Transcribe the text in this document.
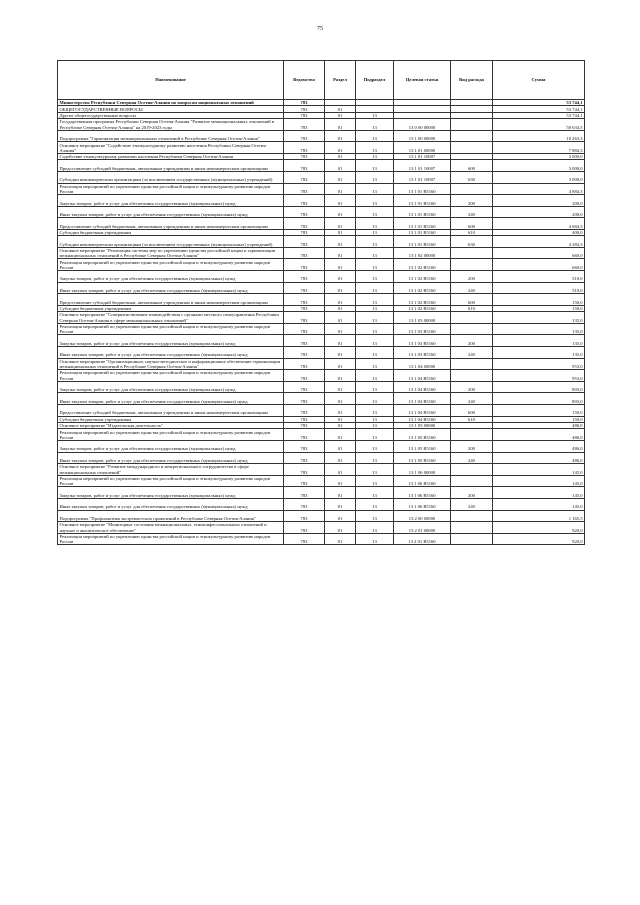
75
Наименование	Ведомство	Раздел	Подраздел	Целевая статья	Вид расхода	Сумма
Министерство Республики Северная Осетия-Алания по вопросам национальных отношений	783					53 744,1
ОБЩЕГОСУДАРСТВЕННЫЕ ВОПРОСЫ	783	01				53 744,1
Другие общегосударственные вопросы	783	01	13			53 744,1
Государственная программа Республики Северная Осетия-Алания "Развитие межнациональных отношений в Республике Северная Осетия-Алания" на 2019-2023 годы	783	01	13	13 0 00 00000		50 634,5
Подпрограмма "Гармонизация межнациональных отношений в Республике Северная Осетия-Алания"	783	01	13	13 1 00 00000		10 263,3
Основное мероприятие "Содействие этнокультурному развитию населения Республики Северная Осетия-Алания"	783	01	13	13 1 01 00000		7 884,3
Содействие этнокультурному развитию населения Республики Северная Осетия-Алания	783	01	13	13 1 01 10007		3 000,0
Предоставление субсидий бюджетным, автономным учреждениям и иным некоммерческим организациям	783	01	13	13 1 01 10007	600	3 000,0
Субсидии некоммерческим организациям (за исключением государственных (муниципальных) учреждений)	783	01	13	13 1 01 10007	630	3 000,0
Реализация мероприятий по укреплению единства российской нации и этнокультурному развитию народов России	783	01	13	13 1 01 R5160		4 884,3
Закупка товаров, работ и услуг для обеспечения государственных (муниципальных) нужд	783	01	13	13 1 01 R5160	200	200,0
Иные закупки товаров, работ и услуг для обеспечения государственных (муниципальных) нужд	783	01	13	13 1 01 R5160	240	200,0
Предоставление субсидий бюджетным, автономным учреждениям и иным некоммерческим организациям	783	01	13	13 1 01 R5160	600	4 684,3
Субсидии бюджетным учреждениям	783	01	13	13 1 01 R5160	610	400,0
Субсидии некоммерческим организациям (за исключением государственных (муниципальных) учреждений)	783	01	13	13 1 01 R5160	630	4 284,3
Основное мероприятие "Реализация системы мер по укреплению единства российской нации и гармонизации межнациональных отношений в Республике Северная Осетия-Алания"	783	01	13	13 1 02 00000		660,0
Реализация мероприятий по укреплению единства российской нации и этнокультурному развитию народов России	783	01	13	13 1 02 R5160		660,0
Закупка товаров, работ и услуг для обеспечения государственных (муниципальных) нужд	783	01	13	13 1 02 R5160	200	510,0
Иные закупки товаров, работ и услуг для обеспечения государственных (муниципальных) нужд	783	01	13	13 1 02 R5160	240	510,0
Предоставление субсидий бюджетным, автономным учреждениям и иным некоммерческим организациям	783	01	13	13 1 02 R5160	600	150,0
Субсидии бюджетным учреждениям	783	01	13	13 1 02 R5160	610	150,0
Основное мероприятие "Совершенствование взаимодействия с органами местного самоуправления Республики Северная Осетия-Алания в сфере межнациональных отношений"	783	01	13	13 1 03 00000		135,0
Реализация мероприятий по укреплению единства российской нации и этнокультурному развитию народов России	783	01	13	13 1 03 R5160		135,0
Закупка товаров, работ и услуг для обеспечения государственных (муниципальных) нужд	783	01	13	13 1 03 R5160	200	135,0
Иные закупки товаров, работ и услуг для обеспечения государственных (муниципальных) нужд	783	01	13	13 1 03 R5160	240	135,0
Основное мероприятие "Организационное, научно-методическое и информационное обеспечение гармонизации межнациональных отношений в Республике Северная Осетия-Алания"	783	01	13	13 1 04 00000		953,0
Реализация мероприятий по укреплению единства российской нации и этнокультурному развитию народов России	783	01	13	13 1 04 R5160		953,0
Закупка товаров, работ и услуг для обеспечения государственных (муниципальных) нужд	783	01	13	13 1 04 R5160	200	803,0
Иные закупки товаров, работ и услуг для обеспечения государственных (муниципальных) нужд	783	01	13	13 1 04 R5160	240	803,0
Предоставление субсидий бюджетным, автономным учреждениям и иным некоммерческим организациям	783	01	13	13 1 04 R5160	600	150,0
Субсидии бюджетным учреждениям	783	01	13	13 1 04 R5160	610	150,0
Основное мероприятие "Издательская деятельность"	783	01	13	13 1 05 00000		486,0
Реализация мероприятий по укреплению единства российской нации и этнокультурному развитию народов России	783	01	13	13 1 05 R5160		486,0
Закупка товаров, работ и услуг для обеспечения государственных (муниципальных) нужд	783	01	13	13 1 05 R5160	200	486,0
Иные закупки товаров, работ и услуг для обеспечения государственных (муниципальных) нужд	783	01	13	13 1 05 R5160	240	486,0
Основное мероприятие "Развитие международного и межрегионального сотрудничества в сфере межнациональных отношений"	783	01	13	13 1 06 00000		145,0
Реализация мероприятий по укреплению единства российской нации и этнокультурному развитию народов России	783	01	13	13 1 06 R5160		145,0
Закупка товаров, работ и услуг для обеспечения государственных (муниципальных) нужд	783	01	13	13 1 06 R5160	200	145,0
Иные закупки товаров, работ и услуг для обеспечения государственных (муниципальных) нужд	783	01	13	13 1 06 R5160	240	145,0
Подпрограмма "Профилактика экстремистских проявлений в Республике Северная Осетия-Алания"	783	01	13	13 2 00 00000		1 165,5
Основное мероприятие "Мониторинг состояния межнациональных, этноконфессиональных отношений и научное и аналитическое обеспечение"	783	01	13	13 2 01 00000		920,0
Реализация мероприятий по укреплению единства российской нации и этнокультурному развитию народов России	783	01	13	13 2 01 R5160		920,0
